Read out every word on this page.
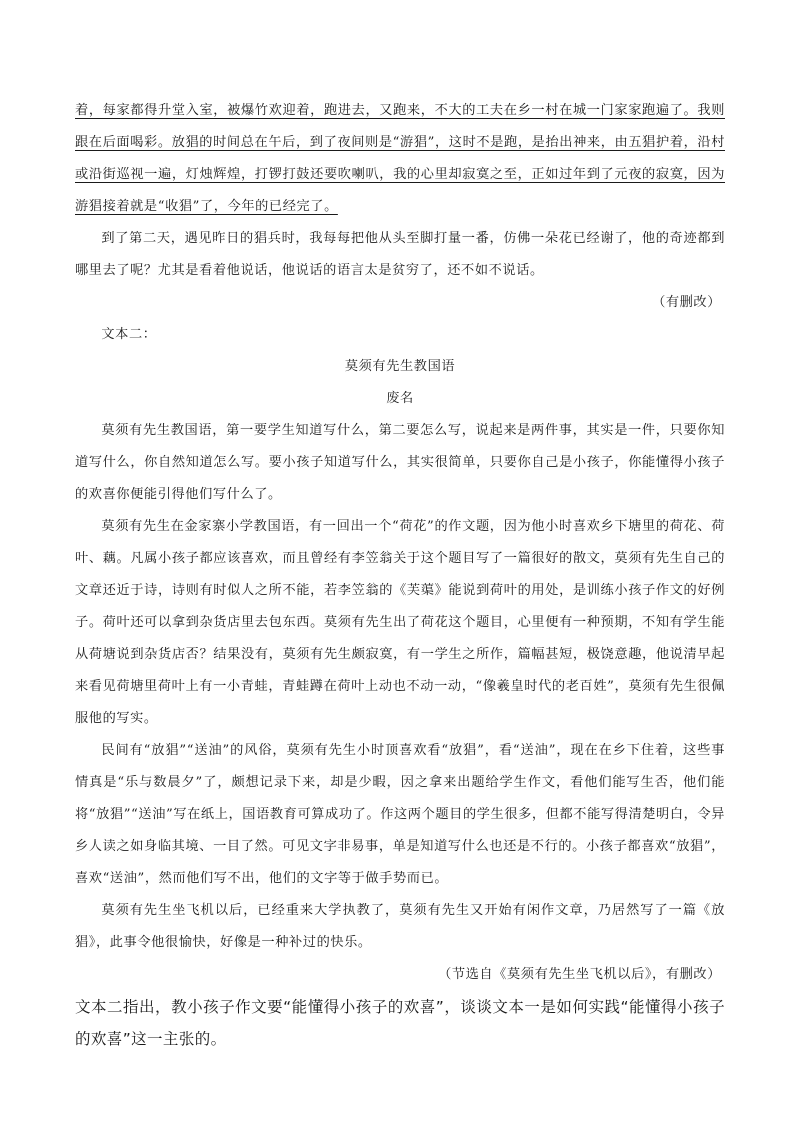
着，每家都得升堂入室，被爆竹欢迎着，跑进去，又跑来，不大的工夫在乡一村在城一门家家跑遍了。我则跟在后面喝彩。放猖的时间总在午后，到了夜间则是“游猖”，这时不是跑，是抬出神来，由五猖护着，沿村或沿街巡视一遍，灯烛辉煌，打锣打鼓还要吹喇叭，我的心里却寂寞之至，正如过年到了元夜的寂寞，因为游猖接着就是“收猖”了，今年的已经完了。

到了第二天，遇见昨日的猖兵时，我每每把他从头至脚打量一番，仿佛一朵花已经谢了，他的奇迹都到哪里去了呢？尤其是看着他说话，他说话的语言太是贫穷了，还不如不说话。

（有删改）

文本二：

莫须有先生教国语

废名

莫须有先生教国语，第一要学生知道写什么，第二要怎么写，说起来是两件事，其实是一件，只要你知道写什么，你自然知道怎么写。要小孩子知道写什么，其实很简单，只要你自己是小孩子，你能懂得小孩子的欢喜你便能引得他们写什么了。

莫须有先生在金家寨小学教国语，有一回出一个“荷花”的作文题，因为他小时喜欢乡下塘里的荷花、荷叶、藕。凡属小孩子都应该喜欢，而且曾经有李笠翁关于这个题目写了一篇很好的散文，莫须有先生自己的文章还近于诗，诗则有时似人之所不能，若李笠翁的《芙蕖》能说到荷叶的用处，是训练小孩子作文的好例子。荷叶还可以拿到杂货店里去包东西。莫须有先生出了荷花这个题目，心里便有一种预期，不知有学生能从荷塘说到杂货店否？结果没有，莫须有先生颇寂寞，有一学生之所作，篇幅甚短，极饶意趣，他说清早起来看见荷塘里荷叶上有一小青蛙，青蛙蹲在荷叶上动也不动一动，“像羲皇时代的老百姓”，莫须有先生很佩服他的写实。

民间有“放猖”“送油”的风俗，莫须有先生小时顶喜欢看“放猖”，看“送油”，现在在乡下住着，这些事情真是“乐与数晨夕”了，颇想记录下来，却是少暇，因之拿来出题给学生作文，看他们能写生否，他们能将“放猖”“送油”写在纸上，国语教育可算成功了。作这两个题目的学生很多，但都不能写得清楚明白，令异乡人读之如身临其境、一目了然。可见文字非易事，单是知道写什么也还是不行的。小孩子都喜欢“放猖”，喜欢“送油”，然而他们写不出，他们的文字等于做手势而已。

莫须有先生坐飞机以后，已经重来大学执教了，莫须有先生又开始有闲作文章，乃居然写了一篇《放猖》，此事令他很愉快，好像是一种补过的快乐。

（节选自《莫须有先生坐飞机以后》，有删改）

文本二指出，教小孩子作文要“能懂得小孩子的欢喜”，谈谈文本一是如何实践“能懂得小孩子的欢喜”这一主张的。
